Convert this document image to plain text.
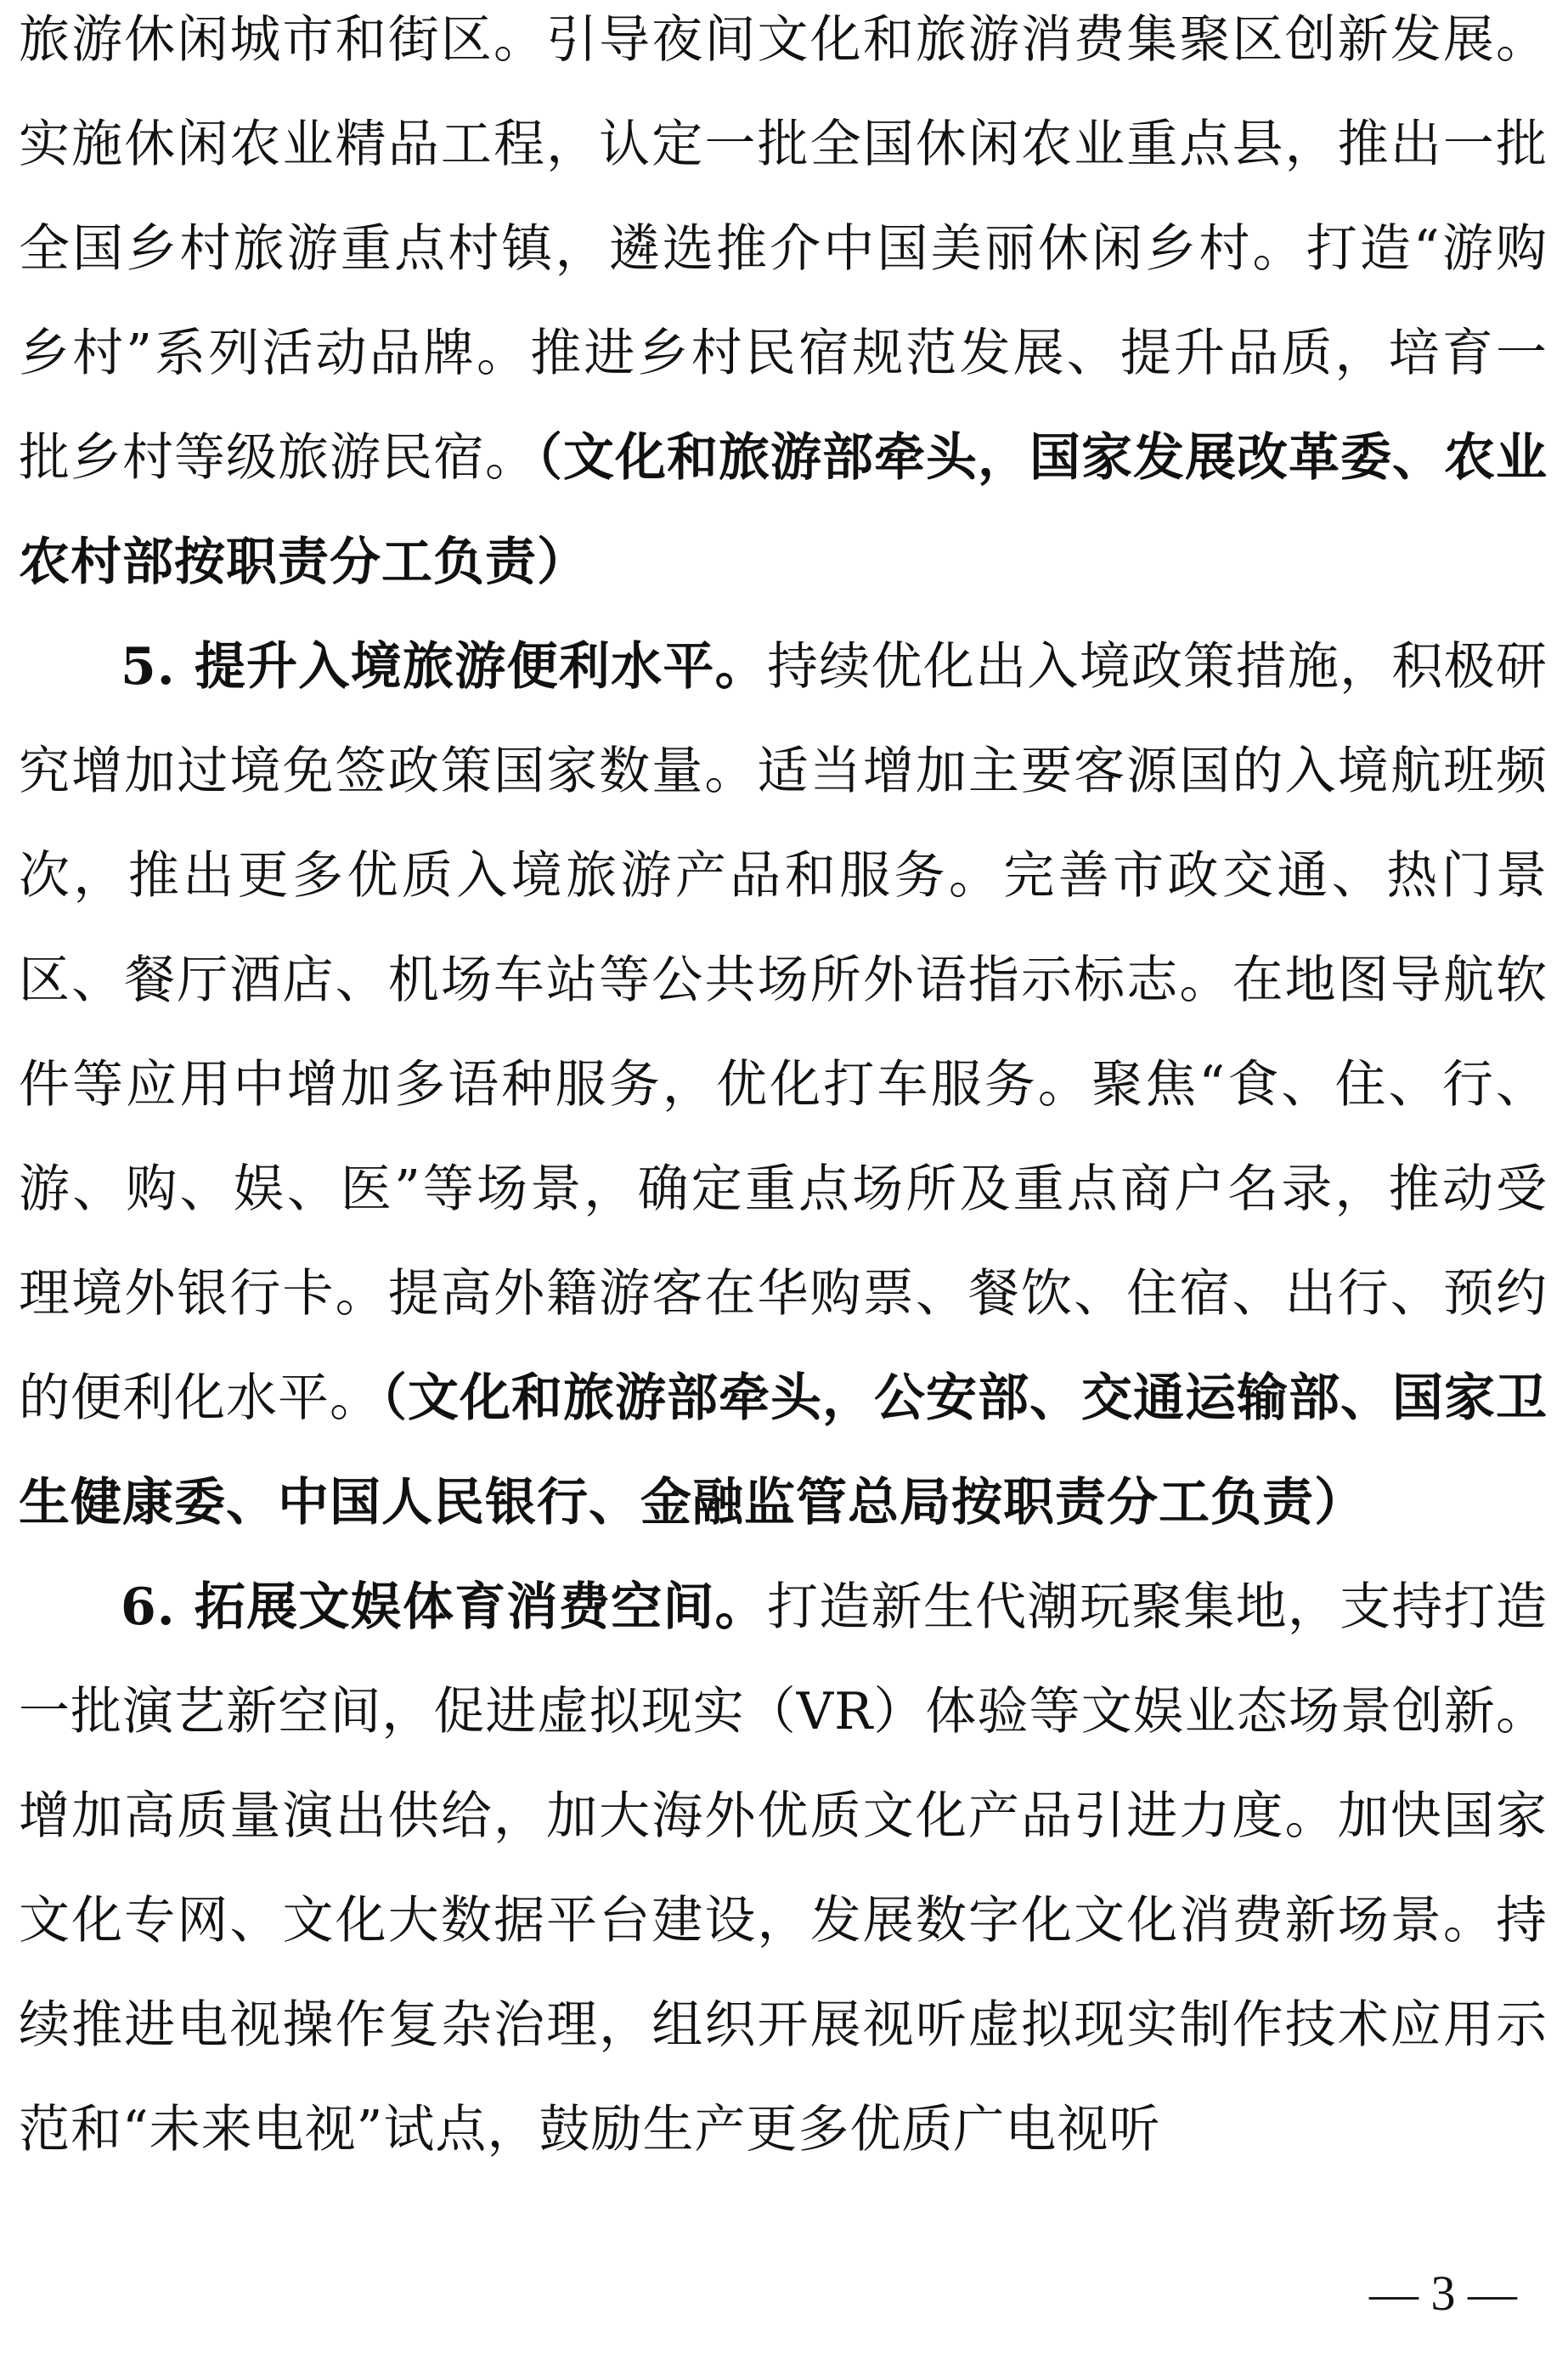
旅游休闲城市和街区。引导夜间文化和旅游消费集聚区创新发展。实施休闲农业精品工程，认定一批全国休闲农业重点县，推出一批全国乡村旅游重点村镇，遴选推介中国美丽休闲乡村。打造“游购乡村”系列活动品牌。推进乡村民宿规范发展、提升品质，培育一批乡村等级旅游民宿。（文化和旅游部牵头，国家发展改革委、农业农村部按职责分工负责）

5. 提升入境旅游便利水平。持续优化出入境政策措施，积极研究增加过境免签政策国家数量。适当增加主要客源国的入境航班频次，推出更多优质入境旅游产品和服务。完善市政交通、热门景区、餐厅酒店、机场车站等公共场所外语指示标志。在地图导航软件等应用中增加多语种服务，优化打车服务。聚焦“食、住、行、游、购、娱、医”等场景，确定重点场所及重点商户名录，推动受理境外银行卡。提高外籍游客在华购票、餐饮、住宿、出行、预约的便利化水平。（文化和旅游部牵头，公安部、交通运输部、国家卫生健康委、中国人民银行、金融监管总局按职责分工负责）

6. 拓展文娱体育消费空间。打造新生代潮玩聚集地，支持打造一批演艺新空间，促进虚拟现实（VR）体验等文娱业态场景创新。增加高质量演出供给，加大海外优质文化产品引进力度。加快国家文化专网、文化大数据平台建设，发展数字化文化消费新场景。持续推进电视操作复杂治理，组织开展视听虚拟现实制作技术应用示范和“未来电视”试点，鼓励生产更多优质广电视听

— 3 —
